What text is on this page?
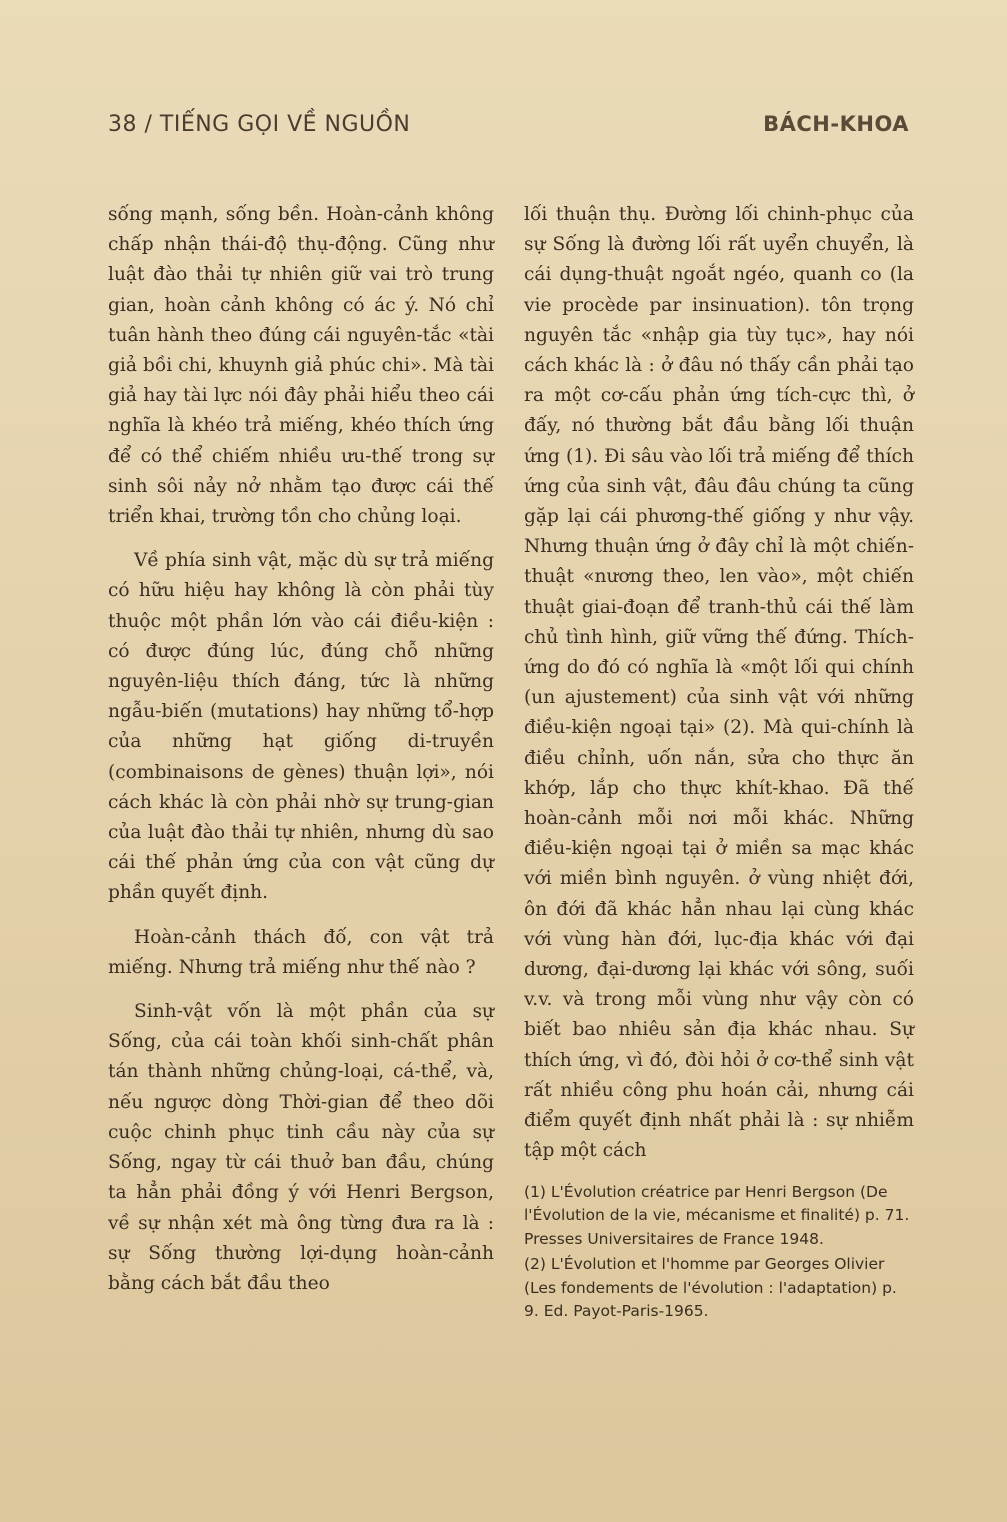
38 / TIẾNG GỌI VỀ NGUỒN	BÁCH-KHOA

sống mạnh, sống bền. Hoàn-cảnh không chấp nhận thái-độ thụ-động. Cũng như luật đào thải tự nhiên giữ vai trò trung gian, hoàn cảnh không có ác ý. Nó chỉ tuân hành theo đúng cái nguyên-tắc «tài giả bồi chi, khuynh giả phúc chi». Mà tài giả hay tài lực nói đây phải hiểu theo cái nghĩa là khéo trả miếng, khéo thích ứng để có thể chiếm nhiều ưu-thế trong sự sinh sôi nảy nở nhằm tạo được cái thế triển khai, trường tồn cho chủng loại.

Về phía sinh vật, mặc dù sự trả miếng có hữu hiệu hay không là còn phải tùy thuộc một phần lớn vào cái điều-kiện : có được đúng lúc, đúng chỗ những nguyên-liệu thích đáng, tức là những ngẫu-biến (mutations) hay những tổ-hợp của những hạt giống di-truyền (combinaisons de gènes) thuận lợi», nói cách khác là còn phải nhờ sự trung-gian của luật đào thải tự nhiên, nhưng dù sao cái thế phản ứng của con vật cũng dự phần quyết định.

Hoàn-cảnh thách đố, con vật trả miếng. Nhưng trả miếng như thế nào ?

Sinh-vật vốn là một phần của sự Sống, của cái toàn khối sinh-chất phân tán thành những chủng-loại, cá-thể, và, nếu ngược dòng Thời-gian để theo dõi cuộc chinh phục tinh cầu này của sự Sống, ngay từ cái thuở ban đầu, chúng ta hẳn phải đồng ý với Henri Bergson, về sự nhận xét mà ông từng đưa ra là : sự Sống thường lợi-dụng hoàn-cảnh bằng cách bắt đầu theo

lối thuận thụ. Đường lối chinh-phục của sự Sống là đường lối rất uyển chuyển, là cái dụng-thuật ngoắt ngéo, quanh co (la vie procède par insinuation). tôn trọng nguyên tắc «nhập gia tùy tục», hay nói cách khác là : ở đâu nó thấy cần phải tạo ra một cơ-cấu phản ứng tích-cực thì, ở đấy, nó thường bắt đầu bằng lối thuận ứng (1). Đi sâu vào lối trả miếng để thích ứng của sinh vật, đâu đâu chúng ta cũng gặp lại cái phương-thế giống y như vậy. Nhưng thuận ứng ở đây chỉ là một chiến-thuật «nương theo, len vào», một chiến thuật giai-đoạn để tranh-thủ cái thế làm chủ tình hình, giữ vững thế đứng. Thích-ứng do đó có nghĩa là «một lối qui chính (un ajustement) của sinh vật với những điều-kiện ngoại tại» (2). Mà qui-chính là điều chỉnh, uốn nắn, sửa cho thực ăn khớp, lắp cho thực khít-khao. Đã thế hoàn-cảnh mỗi nơi mỗi khác. Những điều-kiện ngoại tại ở miền sa mạc khác với miền bình nguyên. ở vùng nhiệt đới, ôn đới đã khác hẳn nhau lại cùng khác với vùng hàn đới, lục-địa khác với đại dương, đại-dương lại khác với sông, suối v.v. và trong mỗi vùng như vậy còn có biết bao nhiêu sản địa khác nhau. Sự thích ứng, vì đó, đòi hỏi ở cơ-thể sinh vật rất nhiều công phu hoán cải, nhưng cái điểm quyết định nhất phải là : sự nhiễm tập một cách

(1) L'Évolution créatrice par Henri Bergson (De l'Évolution de la vie, mécanisme et finalité) p. 71. Presses Universitaires de France 1948.

(2) L'Évolution et l'homme par Georges Olivier (Les fondements de l'évolution : l'adaptation) p. 9. Ed. Payot-Paris-1965.
